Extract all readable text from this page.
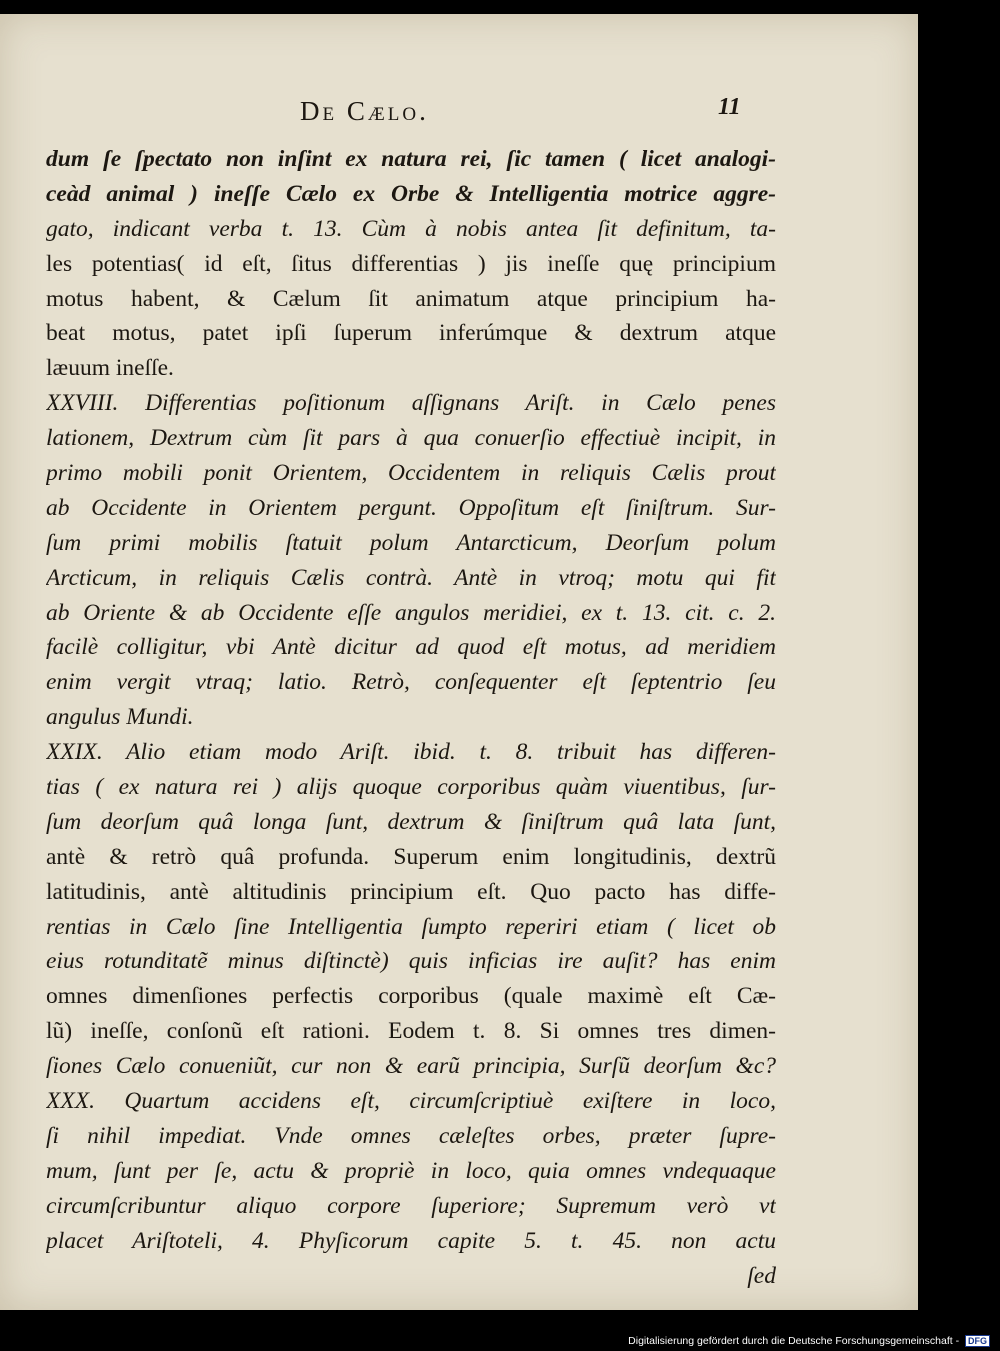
De Cælo.	11
dum ſe ſpectato non inſint ex natura rei, ſic tamen ( licet analogi-
ceàd animal ) ineſſe Cælo ex Orbe & Intelligentia motrice aggre-
gato, indicant verba t. 13. Cùm à nobis antea ſit definitum, ta-
les potentias( id eſt, ſitus differentias ) jis ineſſe quę principium
motus habent, & Cælum ſit animatum atque principium ha-
beat motus, patet ipſi ſuperum inferúmque & dextrum atque
læuum ineſſe.
XXVIII. Differentias poſitionum aſſignans Ariſt. in Cælo penes
lationem, Dextrum cùm ſit pars à qua conuerſio effectiuè incipit, in
primo mobili ponit Orientem, Occidentem in reliquis Cælis prout
ab Occidente in Orientem pergunt. Oppoſitum eſt ſiniſtrum. Sur-
ſum primi mobilis ſtatuit polum Antarcticum, Deorſum polum
Arcticum, in reliquis Cælis contrà. Antè in vtroq; motu qui fit
ab Oriente & ab Occidente eſſe angulos meridiei, ex t. 13. cit. c. 2.
facilè colligitur, vbi Antè dicitur ad quod eſt motus, ad meridiem
enim vergit vtraq; latio. Retrò, conſequenter eſt ſeptentrio ſeu
angulus Mundi.
XXIX. Alio etiam modo Ariſt. ibid. t. 8. tribuit has differen-
tias ( ex natura rei ) alijs quoque corporibus quàm viuentibus, ſur-
ſum deorſum quâ longa ſunt, dextrum & ſiniſtrum quâ lata ſunt,
antè & retrò quâ profunda. Superum enim longitudinis, dextrũ
latitudinis, antè altitudinis principium eſt. Quo pacto has diffe-
rentias in Cælo ſine Intelligentia ſumpto reperiri etiam ( licet ob
eius rotunditatẽ minus diſtinctè) quis inficias ire auſit? has enim
omnes dimenſiones perfectis corporibus (quale maximè eſt Cæ-
lũ) ineſſe, conſonũ eſt rationi. Eodem t. 8. Si omnes tres dimen-
ſiones Cælo conueniũt, cur non & earũ principia, Surſũ deorſum &c?
XXX. Quartum accidens eſt, circumſcriptiuè exiſtere in loco,
ſi nihil impediat. Vnde omnes cæleſtes orbes, præter ſupre-
mum, ſunt per ſe, actu & propriè in loco, quia omnes vndequaque
circumſcribuntur aliquo corpore ſuperiore; Supremum verò vt
placet Ariſtoteli, 4. Phyſicorum capite 5. t. 45. non actu
ſed
Digitalisierung gefördert durch die Deutsche Forschungsgemeinschaft - DFG
